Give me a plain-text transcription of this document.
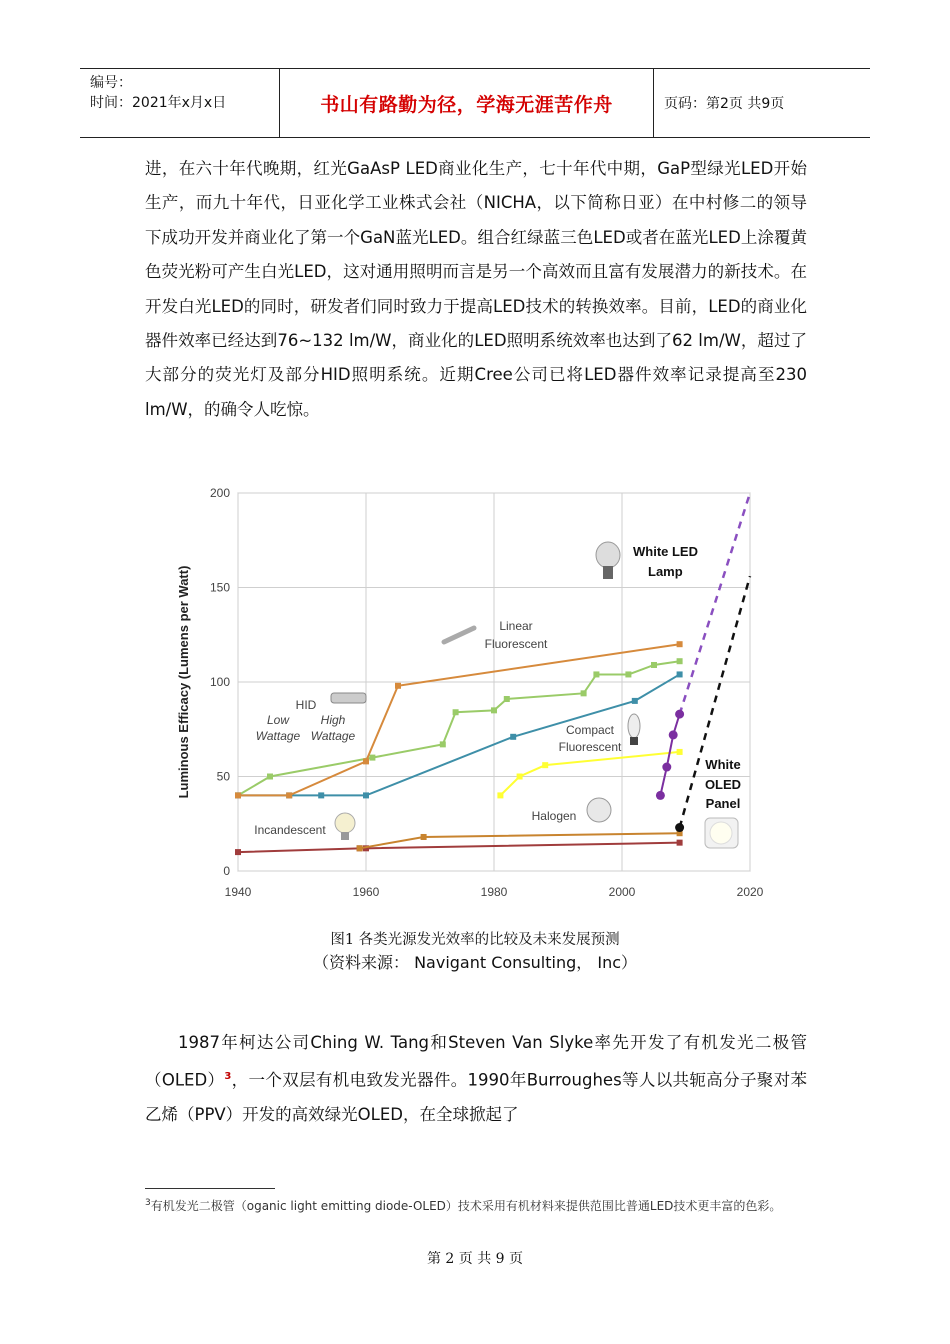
编号：
时间：2021年x月x日	书山有路勤为径，学海无涯苦作舟	页码：第2页 共9页

进，在六十年代晚期，红光GaAsP LED商业化生产，七十年代中期，GaP型绿光LED开始生产，而九十年代，日亚化学工业株式会社（NICHA，以下简称日亚）在中村修二的领导下成功开发并商业化了第一个GaN蓝光LED。组合红绿蓝三色LED或者在蓝光LED上涂覆黄色荧光粉可产生白光LED，这对通用照明而言是另一个高效而且富有发展潜力的新技术。在开发白光LED的同时，研发者们同时致力于提高LED技术的转换效率。目前，LED的商业化器件效率已经达到76~132 lm/W，商业化的LED照明系统效率也达到了62 lm/W，超过了大部分的荧光灯及部分HID照明系统。近期Cree公司已将LED器件效率记录提高至230 lm/W，的确令人吃惊。

0
50
100
150
200
1940	1960	1980	2000	2020
Luminous Efficacy (Lumens per Watt)
White LED
Lamp
Linear
Fluorescent
HID
Low
Wattage
High
Wattage	Compact
Fluorescent
White
OLED
Panel
Halogen
Incandescent
图1 各类光源发光效率的比较及未来发展预测
（资料来源： Navigant Consulting， Inc）

1987年柯达公司Ching W. Tang和Steven Van Slyke率先开发了有机发光二极管（OLED）$^3$，一个双层有机电致发光器件。1990年Burroughes等人以共轭高分子聚对苯乙烯（PPV）开发的高效绿光OLED，在全球掀起了

$^3$有机发光二极管（oganic light emitting diode-OLED）技术采用有机材料来提供范围比普通LED技术更丰富的色彩。
第 2 页 共 9 页
